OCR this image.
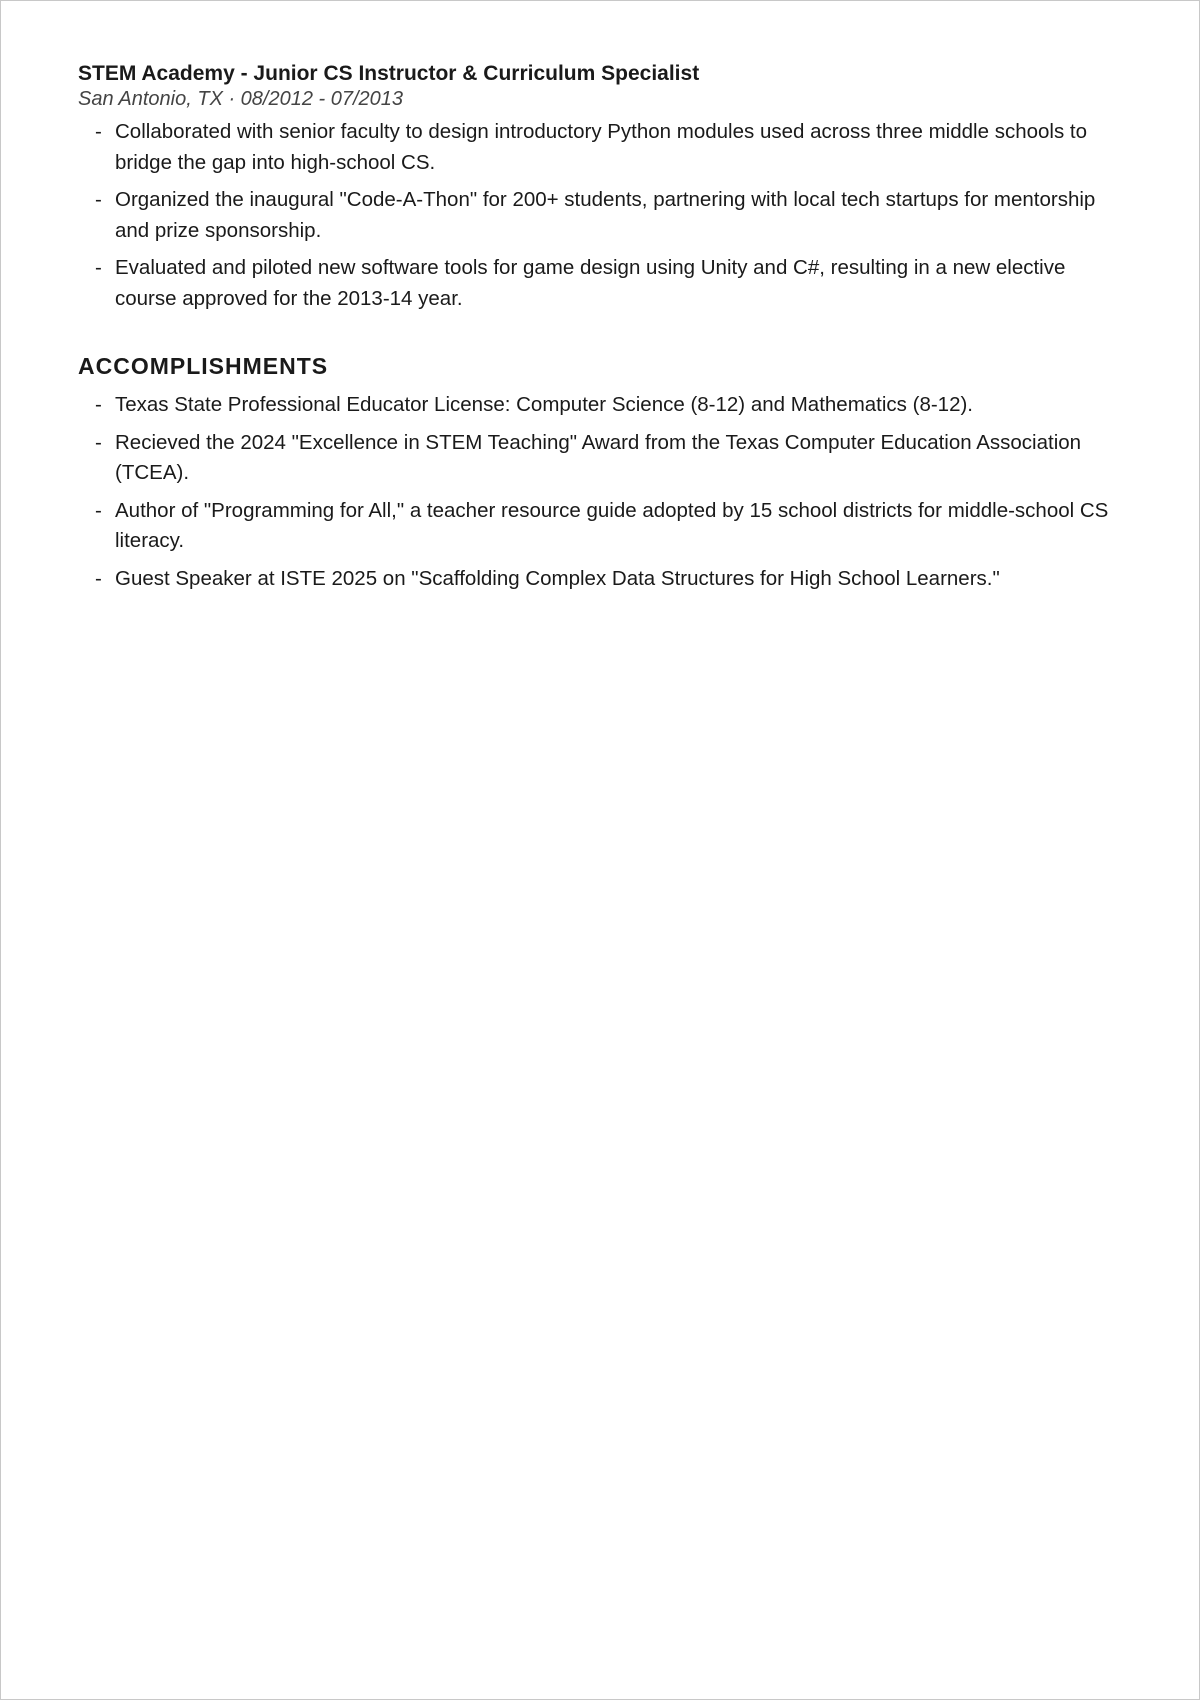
STEM Academy - Junior CS Instructor & Curriculum Specialist
San Antonio, TX · 08/2012 - 07/2013
- Collaborated with senior faculty to design introductory Python modules used across three middle schools to bridge the gap into high-school CS.
- Organized the inaugural "Code-A-Thon" for 200+ students, partnering with local tech startups for mentorship and prize sponsorship.
- Evaluated and piloted new software tools for game design using Unity and C#, resulting in a new elective course approved for the 2013-14 year.
ACCOMPLISHMENTS
- Texas State Professional Educator License: Computer Science (8-12) and Mathematics (8-12).
- Recieved the 2024 "Excellence in STEM Teaching" Award from the Texas Computer Education Association (TCEA).
- Author of "Programming for All," a teacher resource guide adopted by 15 school districts for middle-school CS literacy.
- Guest Speaker at ISTE 2025 on "Scaffolding Complex Data Structures for High School Learners."
